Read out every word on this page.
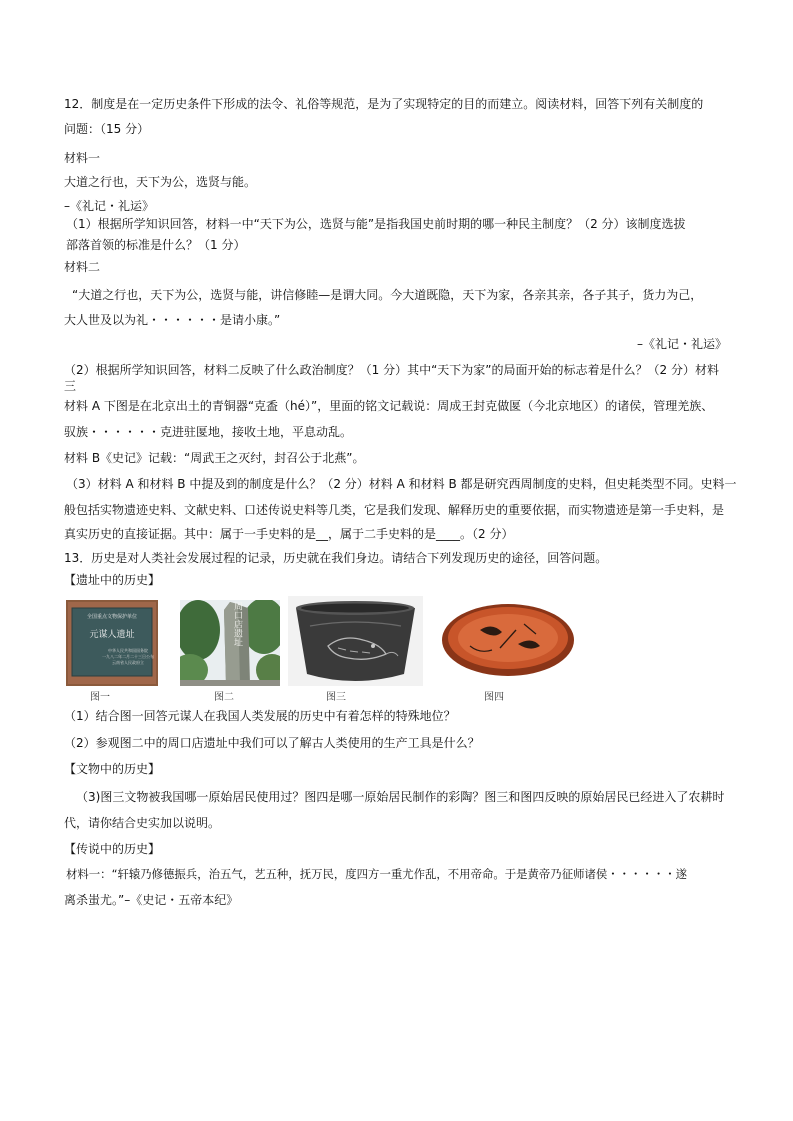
12．制度是在一定历史条件下形成的法令、礼俗等规范，是为了实现特定的目的而建立。阅读材料，回答下列有关制度的
问题：（15 分）
材料一
大道之行也，天下为公，选贤与能。
–《礼记・礼运》
（1）根据所学知识回答，材料一中“天下为公，选贤与能”是指我国史前时期的哪一种民主制度？（2 分）该制度选拔
部落首领的标准是什么？（1 分）
材料二
“大道之行也，天下为公，选贤与能，讲信修睦—是谓大同。今大道既隐，天下为家，各亲其亲，各子其子，货力为己，
大人世及以为礼・・・・・・是请小康。”
–《礼记・礼运》
（2）根据所学知识回答，材料二反映了什么政治制度？（1 分）其中“天下为家”的局面开始的标志着是什么？（2 分）材料
三
材料 A 下图是在北京出土的青铜器“克盉（hé）”，里面的铭文记载说：周成王封克做匽（今北京地区）的诸侯，管理羌族、
驭族・・・・・・克进驻匽地，接收土地，平息动乱。
材料 B《史记》记载：“周武王之灭纣，封召公于北燕”。
（3）材料 A 和材料 B 中提及到的制度是什么？（2 分）材料 A 和材料 B 都是研究西周制度的史料，但史耗类型不同。史料一
般包括实物遗迹史料、文献史料、口述传说史料等几类，它是我们发现、解释历史的重要依据，而实物遗迹是第一手史料，是
真实历史的直接证据。其中：属于一手史料的是__，属于二手史料的是____。（2 分）
13．历史是对人类社会发展过程的记录，历史就在我们身边。请结合下列发现历史的途径，回答问题。
【遗址中的历史】
全国重点文物保护单位
元谋人遗址
中华人民共和国国务院
一九八二年二月二十三日公布
云南省人民政府立
图一
周口店遗址
图二	图三	图四
（1）结合图一回答元谋人在我国人类发展的历史中有着怎样的特殊地位？
（2）参观图二中的周口店遗址中我们可以了解古人类使用的生产工具是什么？
【文物中的历史】
（3)图三文物被我国哪一原始居民使用过？图四是哪一原始居民制作的彩陶？图三和图四反映的原始居民已经进入了农耕时
代，请你结合史实加以说明。
【传说中的历史】
材料一：“轩辕乃修德振兵，治五气，艺五种，抚万民，度四方一重尤作乱，不用帝命。于是黄帝乃征师诸侯・・・・・・遂
离杀蚩尤。”–《史记・五帝本纪》
